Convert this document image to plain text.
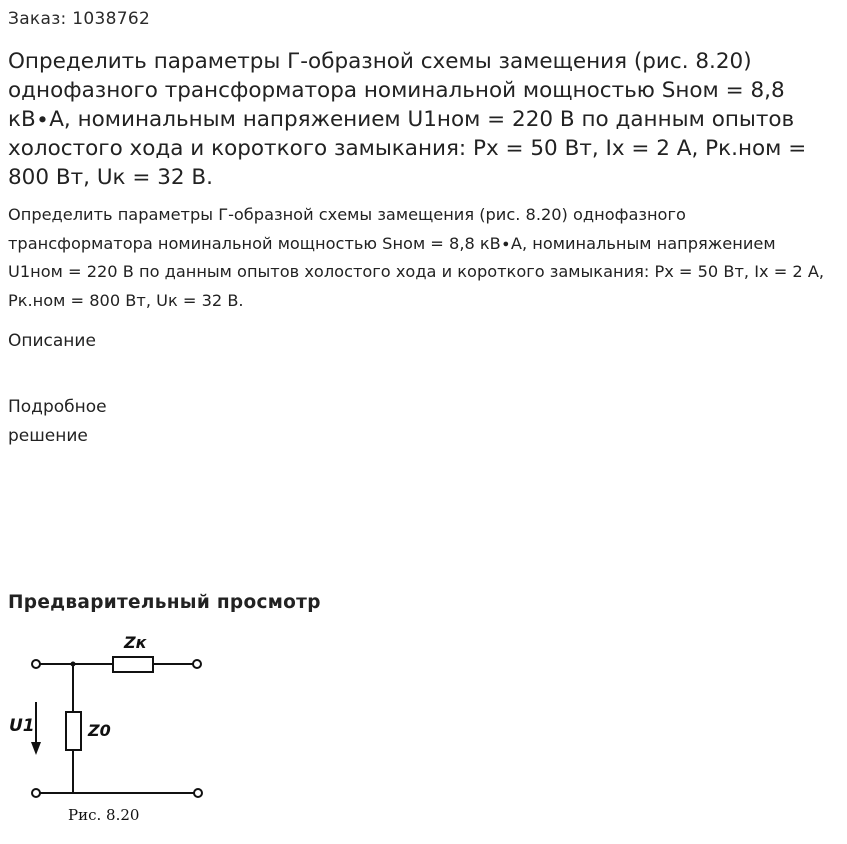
Заказ: 1038762
Определить параметры Г-образной схемы замещения (рис. 8.20) однофазного трансформатора номинальной мощностью Sном = 8,8 кВ∙А, номинальным напряжением U1ном = 220 В по данным опытов холостого хода и короткого замыкания: Рх = 50 Вт, Iх = 2 А, Рк.ном = 800 Вт, Uк = 32 В.

Определить параметры Г-образной схемы замещения (рис. 8.20) однофазного трансформатора номинальной мощностью Sном = 8,8 кВ∙А, номинальным напряжением U1ном = 220 В по данным опытов холостого хода и короткого замыкания: Рх = 50 Вт, Iх = 2 А, Рк.ном = 800 Вт, Uк = 32 В.

Описание
Подробное решение
Предварительный просмотр
Zк
Z0
U1
Рис. 8.20
